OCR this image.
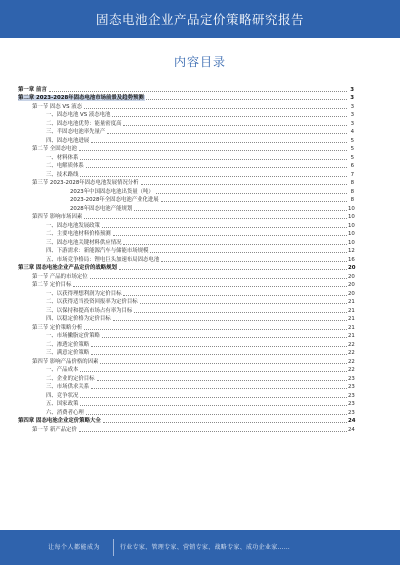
固态电池企业产品定价策略研究报告
内容目录
第一章 前言	3
第二章 2023-2028年固态电池市场前景及趋势预测	3
第一节 固态 VS 液态	3
一、固态电池 VS 液态电池	3
二、固态电池优势：能量密度高	3
三、半固态电池率先量产	4
四、固态电池进展	5
第二节 全固态电池	5
一、材料体系	5
二、电解质体系	6
三、技术路线	7
第三节 2023-2028年固态电池发展情况分析	8
2023年中国固态电池出货量（吨）	8
2023-2028年全固态电池产业化进展	8
2028年固态电池产能规划	10
第四节 影响市场因素	10
一、固态电池发展政策	10
二、主要电池材料价格预测	10
三、固态电池关键材料供应情况	10
四、下游需求：新能源汽车与储能市场规模	12
五、市场竞争格局：锂电巨头加速布局固态电池	16
第三章 固态电池企业产品定价的战略规划	20
第一节 产品的市场定位	20
第二节 定价目标	20
一、以获得理想利润为定价目标	20
二、以获得适当投资回报率为定价目标	21
三、以保持和提高市场占有率为目标	21
四、以稳定价格为定价目标	21
第三节 定价策略分析	21
一、市场撇脂定价策略	21
二、渗透定价策略	22
三、满意定价策略	22
第四节 影响产品价格的因素	22
一、产品成本	22
二、企业的定价目标	23
三、市场供求关系	23
四、竞争状况	23
五、国家政策	23
六、消费者心理	23
第四章 固态电池企业定价策略大全	24
第一节 新产品定价	24
让每个人都能成为	行业专家、管理专家、营销专家、战略专家、成功企业家……
